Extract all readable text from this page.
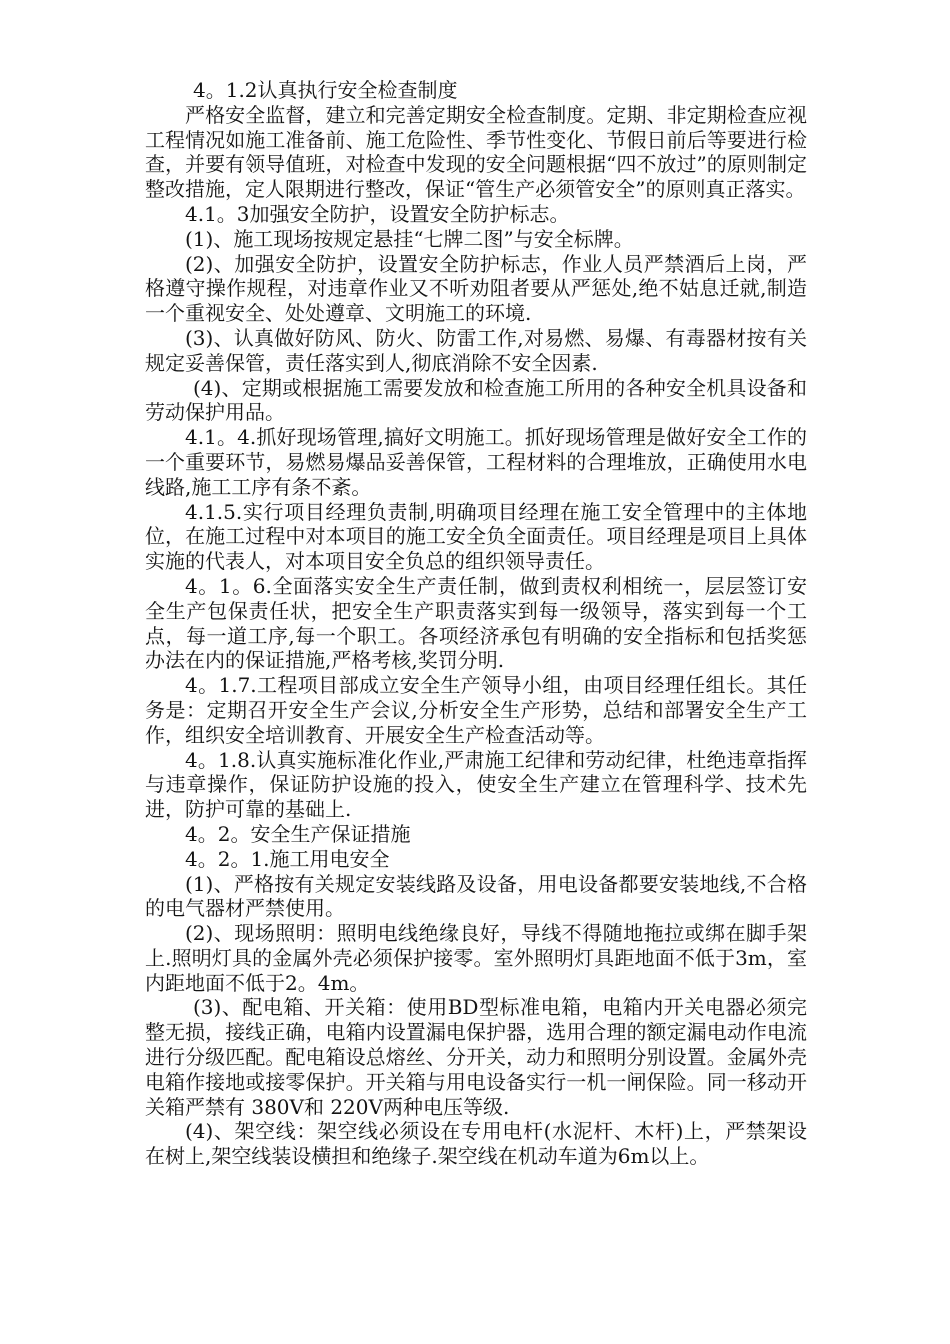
4。1.2认真执行安全检查制度

严格安全监督，建立和完善定期安全检查制度。定期、非定期检查应视工程情况如施工准备前、施工危险性、季节性变化、节假日前后等要进行检查，并要有领导值班，对检查中发现的安全问题根据“四不放过”的原则制定整改措施，定人限期进行整改，保证“管生产必须管安全”的原则真正落实。

4.1。3加强安全防护，设置安全防护标志。

(1)、施工现场按规定悬挂“七牌二图”与安全标牌。

(2)、加强安全防护，设置安全防护标志，作业人员严禁酒后上岗，严格遵守操作规程，对违章作业又不听劝阻者要从严惩处,绝不姑息迁就,制造一个重视安全、处处遵章、文明施工的环境.

(3)、认真做好防风、防火、防雷工作,对易燃、易爆、有毒器材按有关规定妥善保管，责任落实到人,彻底消除不安全因素.

(4)、定期或根据施工需要发放和检查施工所用的各种安全机具设备和劳动保护用品。

4.1。4.抓好现场管理,搞好文明施工。抓好现场管理是做好安全工作的一个重要环节，易燃易爆品妥善保管，工程材料的合理堆放，正确使用水电线路,施工工序有条不紊。

4.1.5.实行项目经理负责制,明确项目经理在施工安全管理中的主体地位，在施工过程中对本项目的施工安全负全面责任。项目经理是项目上具体实施的代表人，对本项目安全负总的组织领导责任。

4。1。6.全面落实安全生产责任制，做到责权利相统一，层层签订安全生产包保责任状，把安全生产职责落实到每一级领导，落实到每一个工点，每一道工序,每一个职工。各项经济承包有明确的安全指标和包括奖惩办法在内的保证措施,严格考核,奖罚分明.

4。1.7.工程项目部成立安全生产领导小组，由项目经理任组长。其任务是：定期召开安全生产会议,分析安全生产形势，总结和部署安全生产工作，组织安全培训教育、开展安全生产检查活动等。

4。1.8.认真实施标准化作业,严肃施工纪律和劳动纪律，杜绝违章指挥与违章操作，保证防护设施的投入，使安全生产建立在管理科学、技术先进，防护可靠的基础上.

4。2。安全生产保证措施

4。2。1.施工用电安全

(1)、严格按有关规定安装线路及设备，用电设备都要安装地线,不合格的电气器材严禁使用。

(2)、现场照明：照明电线绝缘良好，导线不得随地拖拉或绑在脚手架上.照明灯具的金属外壳必须保护接零。室外照明灯具距地面不低于3m，室内距地面不低于2。4m。

(3)、配电箱、开关箱：使用BD型标准电箱，电箱内开关电器必须完整无损，接线正确，电箱内设置漏电保护器，选用合理的额定漏电动作电流进行分级匹配。配电箱设总熔丝、分开关，动力和照明分别设置。金属外壳电箱作接地或接零保护。开关箱与用电设备实行一机一闸保险。同一移动开关箱严禁有 380V和 220V两种电压等级.

(4)、架空线：架空线必须设在专用电杆(水泥杆、木杆)上，严禁架设在树上,架空线装设横担和绝缘子.架空线在机动车道为6m以上。
